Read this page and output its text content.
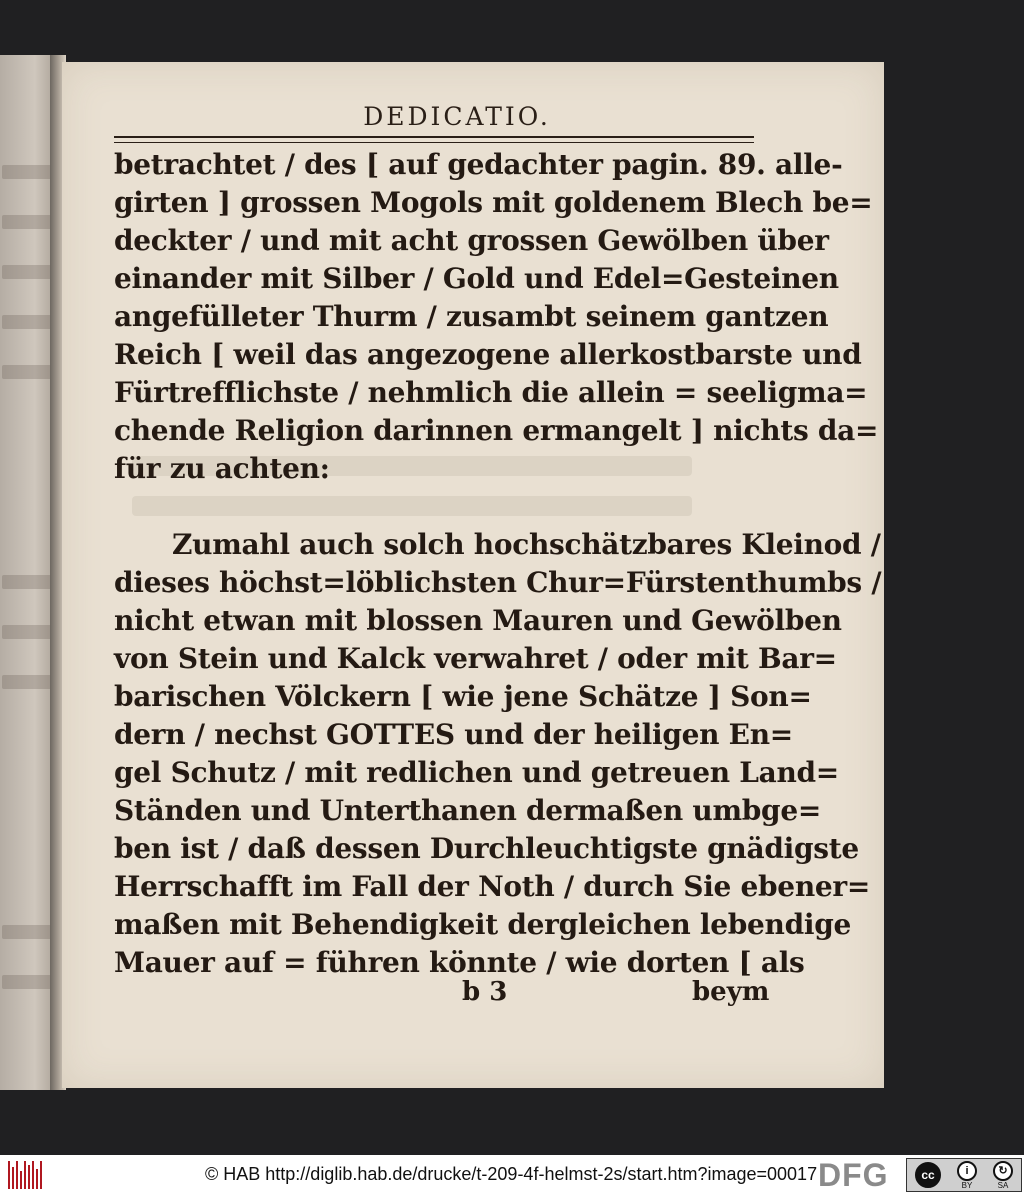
DEDICATIO.
betrachtet / des [ auf gedachter pagin. 89. alle-
girten ] grossen Mogols mit goldenem Blech be=
deckter / und mit acht grossen Gewölben über
einander mit Silber / Gold und Edel=Gesteinen
angefülleter Thurm / zusambt seinem gantzen
Reich [ weil das angezogene allerkostbarste und
Fürtrefflichste / nehmlich die allein = seeligma=
chende Religion darinnen ermangelt ] nichts da=
für zu achten:
Zumahl auch solch hochschätzbares Kleinod /
dieses höchst=löblichsten Chur=Fürstenthumbs /
nicht etwan mit blossen Mauren und Gewölben
von Stein und Kalck verwahret / oder mit Bar=
barischen Völckern [ wie jene Schätze ] Son=
dern / nechst GOTTES und der heiligen En=
gel Schutz / mit redlichen und getreuen Land=
Ständen und Unterthanen dermaßen umbge=
ben ist / daß dessen Durchleuchtigste gnädigste
Herrschafft im Fall der Noth / durch Sie ebener=
maßen mit Behendigkeit dergleichen lebendige
Mauer auf = führen könnte / wie dorten [ als
b 3	beym
© HAB http://diglib.hab.de/drucke/t-209-4f-helmst-2s/start.htm?image=00017 DFG	cc	i
BY
↻
SA
